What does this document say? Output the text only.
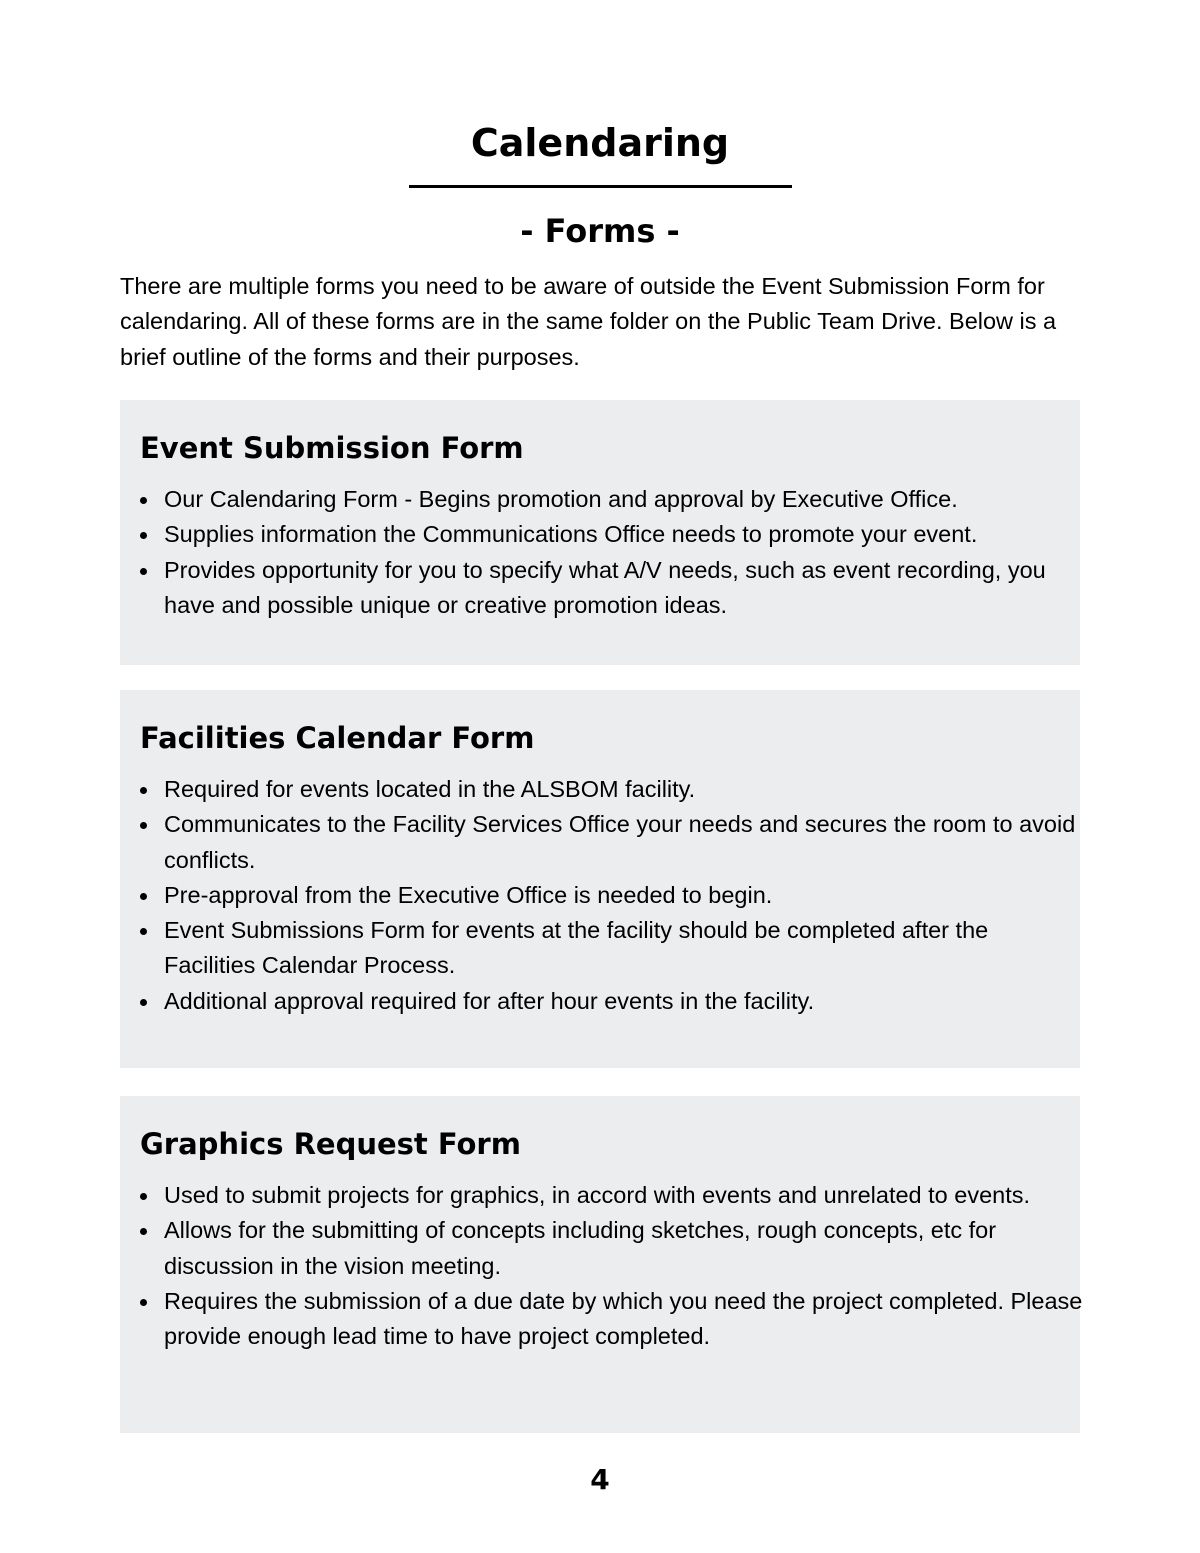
Calendaring
- Forms -

There are multiple forms you need to be aware of outside the Event Submission Form for calendaring. All of these forms are in the same folder on the Public Team Drive. Below is a brief outline of the forms and their purposes.

Event Submission Form
Our Calendaring Form - Begins promotion and approval by Executive Office.
Supplies information the Communications Office needs to promote your event.
Provides opportunity for you to specify what A/V needs, such as event recording, you have and possible unique or creative promotion ideas.
Facilities Calendar Form
Required for events located in the ALSBOM facility.
Communicates to the Facility Services Office your needs and secures the room to avoid conflicts.
Pre-approval from the Executive Office is needed to begin.
Event Submissions Form for events at the facility should be completed after the Facilities Calendar Process.
Additional approval required for after hour events in the facility.
Graphics Request Form
Used to submit projects for graphics, in accord with events and unrelated to events.
Allows for the submitting of concepts including sketches, rough concepts, etc for discussion in the vision meeting.
Requires the submission of a due date by which you need the project completed. Please provide enough lead time to have project completed.
4
